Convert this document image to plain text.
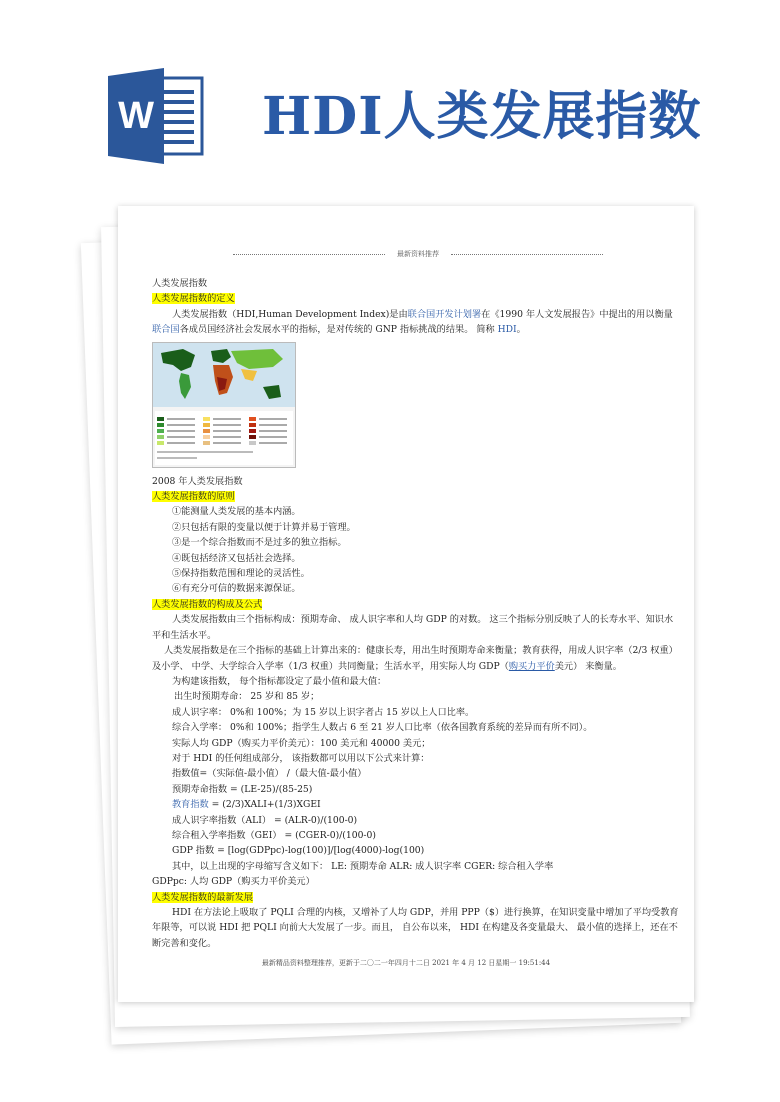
W HDI人类发展指数
最新资料推荐

人类发展指数

人类发展指数的定义

人类发展指数（HDI,Human Development Index)是由联合国开发计划署在《1990 年人文发展报告》中提出的用以衡量

联合国各成员国经济社会发展水平的指标，是对传统的 GNP 指标挑战的结果。 简称 HDI。

2008 年人类发展指数

人类发展指数的原则

①能测量人类发展的基本内涵。

②只包括有限的变量以便于计算并易于管理。

③是一个综合指数而不是过多的独立指标。

④既包括经济又包括社会选择。

⑤保持指数范围和理论的灵活性。

⑥有充分可信的数据来源保证。

人类发展指数的构成及公式

人类发展指数由三个指标构成：预期寿命、 成人识字率和人均 GDP 的对数。 这三个指标分别反映了人的长寿水平、知识水平和生活水平。

人类发展指数是在三个指标的基础上计算出来的：健康长寿，用出生时预期寿命来衡量；教育获得，用成人识字率（2/3 权重）及小学、 中学、大学综合入学率（1/3 权重）共同衡量；生活水平，用实际人均 GDP（购买力平价美元） 来衡量。

为构建该指数， 每个指标都设定了最小值和最大值：

出生时预期寿命： 25 岁和 85 岁；

成人识字率： 0%和 100%；为 15 岁以上识字者占 15 岁以上人口比率。

综合入学率： 0%和 100%；指学生人数占 6 至 21 岁人口比率（依各国教育系统的差异而有所不同）。

实际人均 GDP（购买力平价美元）：100 美元和 40000 美元；

对于 HDI 的任何组成部分， 该指数都可以用以下公式来计算：

指数值=（实际值-最小值） /（最大值-最小值）

预期寿命指数 = (LE-25)/(85-25)

教育指数 = (2/3)XALI+(1/3)XGEI

成人识字率指数（ALI） = (ALR-0)/(100-0)

综合租入学率指数（GEI） = (CGER-0)/(100-0)

GDP 指数 = [log(GDPpc)-log(100)]/[log(4000)-log(100)

其中，以上出现的字母缩写含义如下： LE: 预期寿命 ALR: 成人识字率 CGER: 综合租入学率

GDPpc: 人均 GDP（购买力平价美元）

人类发展指数的最新发展

HDI 在方法论上吸取了 PQLI 合理的内核，又增补了人均 GDP，并用 PPP（$）进行换算，在知识变量中增加了平均受教育年限等，可以说 HDI 把 PQLI 向前大大发展了一步。而且， 自公布以来， HDI 在构建及各变量最大、 最小值的选择上，还在不断完善和变化。

最新精品资料整理推荐，更新于二〇二一年四月十二日 2021 年 4 月 12 日星期一 19:51:44
